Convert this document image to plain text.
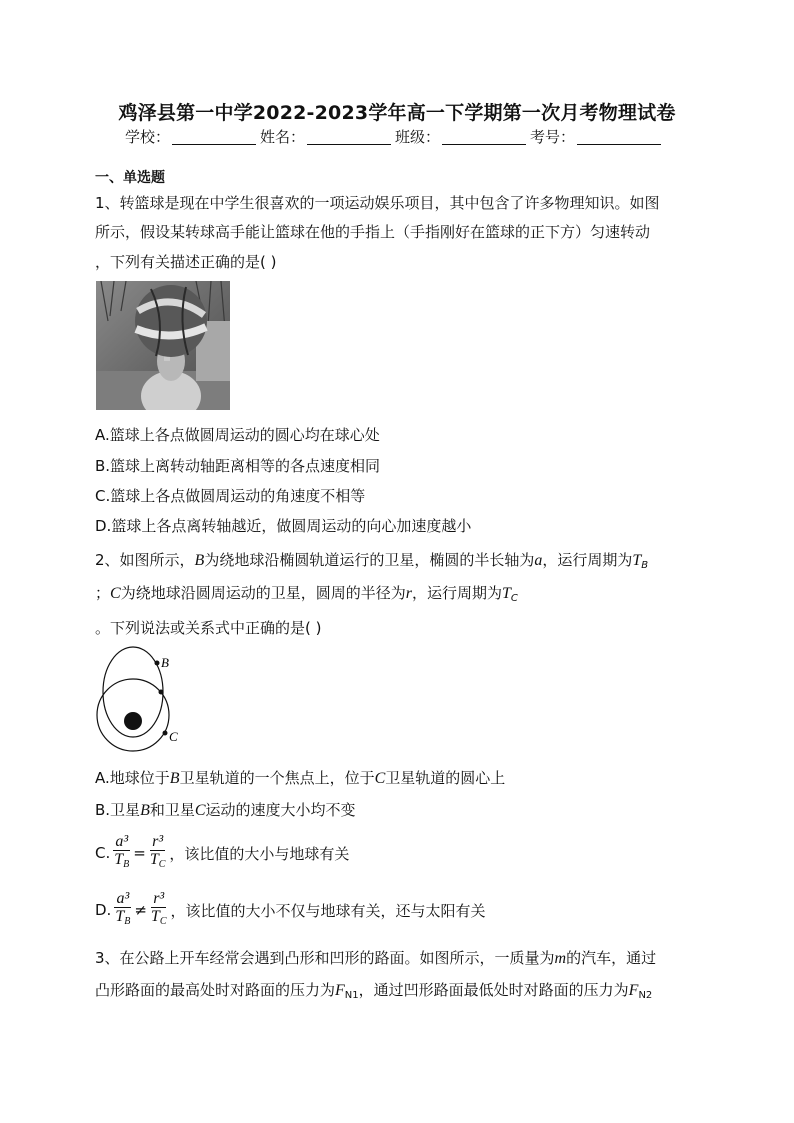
鸡泽县第一中学2022-2023学年高一下学期第一次月考物理试卷
学校：	姓名：	班级：	考号：
一、单选题
1、转篮球是现在中学生很喜欢的一项运动娱乐项目，其中包含了许多物理知识。如图
所示，假设某转球高手能让篮球在他的手指上（手指刚好在篮球的正下方）匀速转动
，下列有关描述正确的是( )
A.篮球上各点做圆周运动的圆心均在球心处
B.篮球上离转动轴距离相等的各点速度相同
C.篮球上各点做圆周运动的角速度不相等
D.篮球上各点离转轴越近，做圆周运动的向心加速度越小
2、如图所示，B为绕地球沿椭圆轨道运行的卫星，椭圆的半长轴为a，运行周期为$T_B$
；C为绕地球沿圆周运动的卫星，圆周的半径为r，运行周期为$T_C$
。下列说法或关系式中正确的是( )
B
C
A.地球位于B卫星轨道的一个焦点上，位于C卫星轨道的圆心上
B.卫星B和卫星C运动的速度大小均不变
C. $\frac{\text{a³}}{T_B} = \frac{\text{r³}}{T_C}$ ，该比值的大小与地球有关
D. $\frac{\text{a³}}{T_B} \ne \frac{\text{r³}}{T_C}$ ，该比值的大小不仅与地球有关，还与太阳有关
3、在公路上开车经常会遇到凸形和凹形的路面。如图所示，一质量为m的汽车，通过
凸形路面的最高处时对路面的压力为$F_{N1}$，通过凹形路面最低处时对路面的压力为$F_{N2}$
